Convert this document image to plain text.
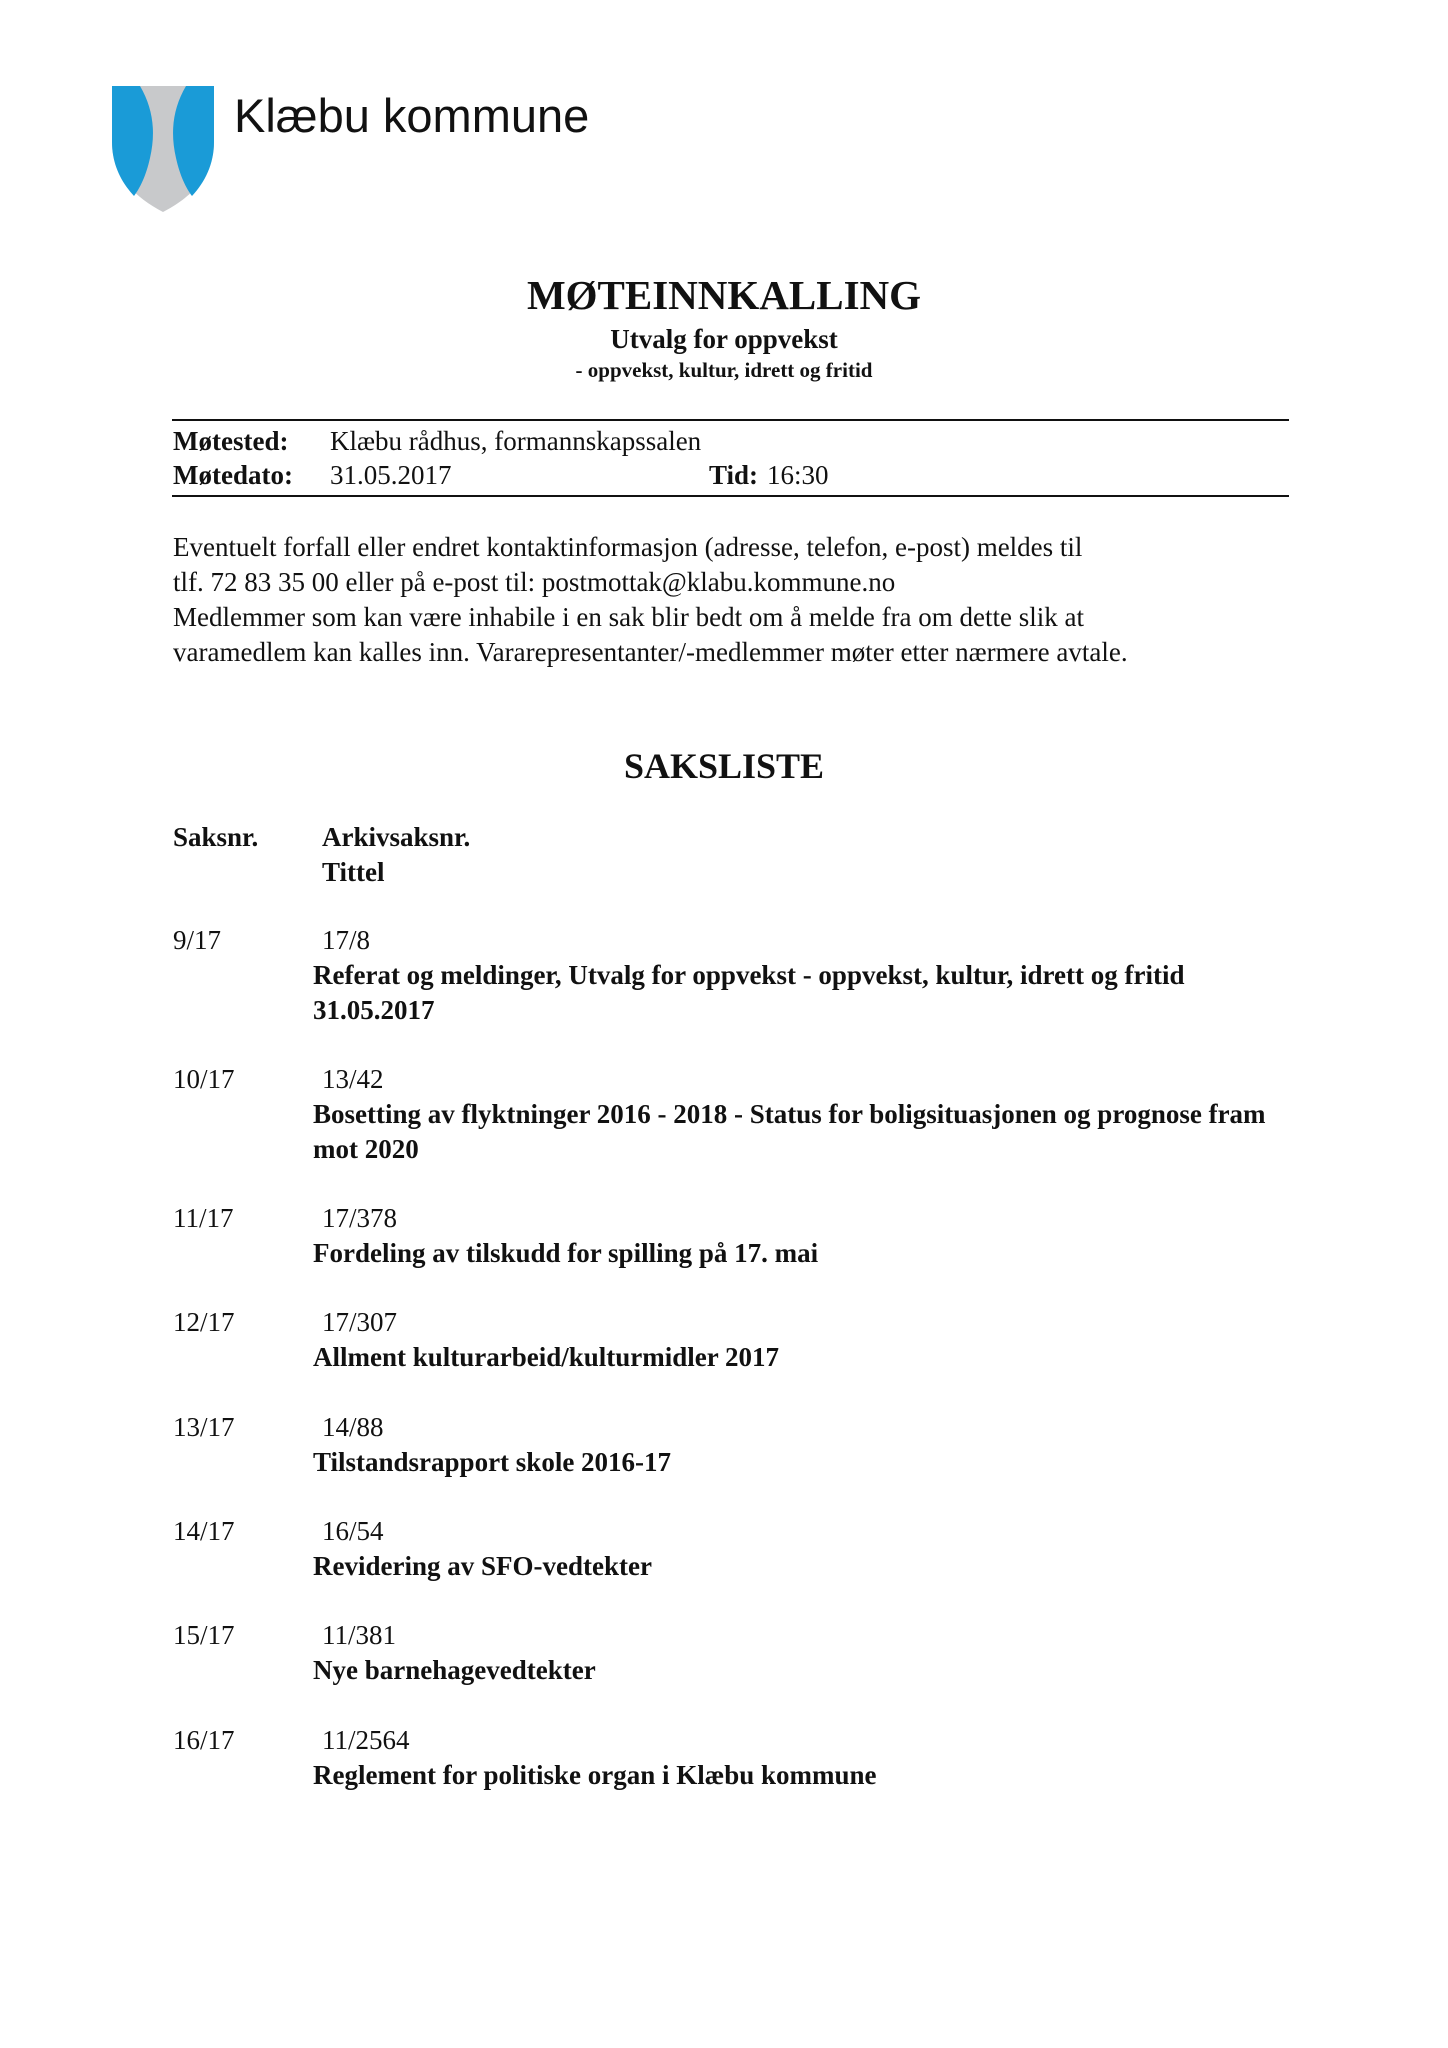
Klæbu kommune
MØTEINNKALLING
Utvalg for oppvekst
- oppvekst, kultur, idrett og fritid
Møtested: Klæbu rådhus, formannskapssalen
Møtedato: 31.05.2017	Tid: 16:30

Eventuelt forfall eller endret kontaktinformasjon (adresse, telefon, e-post) meldes til

tlf. 72 83 35 00 eller på e-post til: postmottak@klabu.kommune.no

Medlemmer som kan være inhabile i en sak blir bedt om å melde fra om dette slik at

varamedlem kan kalles inn. Vararepresentanter/-medlemmer møter etter nærmere avtale.

SAKSLISTE
Saksnr. Arkivsaksnr.
Tittel
9/17	17/8
Referat og meldinger, Utvalg for oppvekst - oppvekst, kultur, idrett og fritid 31.05.2017
10/17	13/42
Bosetting av flyktninger 2016 - 2018 - Status for boligsituasjonen og prognose fram mot 2020
11/17	17/378
Fordeling av tilskudd for spilling på 17. mai
12/17	17/307
Allment kulturarbeid/kulturmidler 2017
13/17	14/88
Tilstandsrapport skole 2016-17
14/17	16/54
Revidering av SFO-vedtekter
15/17	11/381
Nye barnehagevedtekter
16/17	11/2564
Reglement for politiske organ i Klæbu kommune
